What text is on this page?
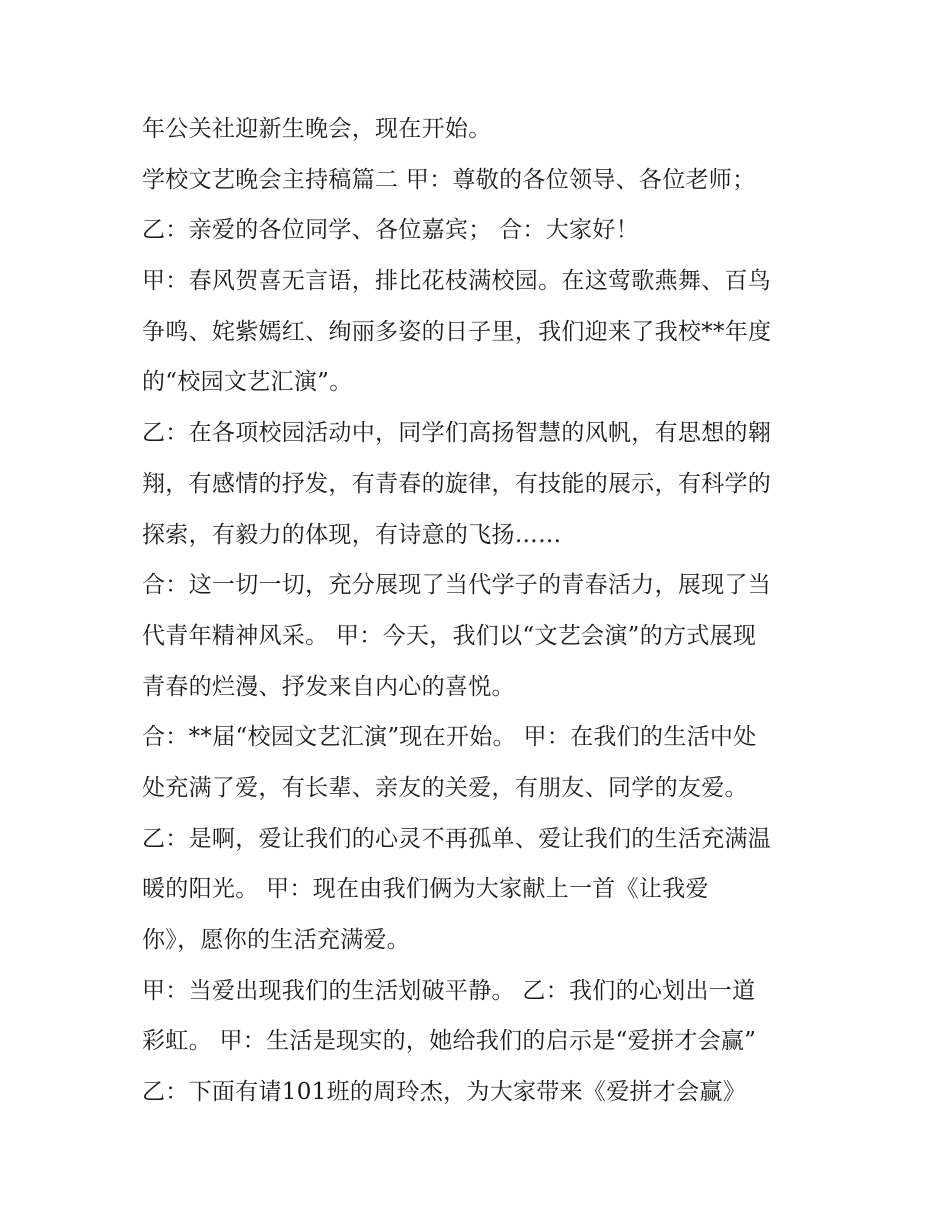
年公关社迎新生晚会，现在开始。
学校文艺晚会主持稿篇二 甲：尊敬的各位领导、各位老师；
乙：亲爱的各位同学、各位嘉宾； 合：大家好！
甲：春风贺喜无言语，排比花枝满校园。在这莺歌燕舞、百鸟
争鸣、姹紫嫣红、绚丽多姿的日子里，我们迎来了我校**年度
的“校园文艺汇演”。
乙：在各项校园活动中，同学们高扬智慧的风帆，有思想的翱
翔，有感情的抒发，有青春的旋律，有技能的展示，有科学的
探索，有毅力的体现，有诗意的飞扬……
合：这一切一切，充分展现了当代学子的青春活力，展现了当
代青年精神风采。 甲：今天，我们以“文艺会演”的方式展现
青春的烂漫、抒发来自内心的喜悦。
合：**届“校园文艺汇演”现在开始。 甲：在我们的生活中处
处充满了爱，有长辈、亲友的关爱，有朋友、同学的友爱。
乙：是啊，爱让我们的心灵不再孤单、爱让我们的生活充满温
暖的阳光。 甲：现在由我们俩为大家献上一首《让我爱
你》，愿你的生活充满爱。
甲：当爱出现我们的生活划破平静。 乙：我们的心划出一道
彩虹。 甲：生活是现实的，她给我们的启示是“爱拼才会赢”
乙：下面有请101班的周玲杰，为大家带来《爱拼才会赢》
